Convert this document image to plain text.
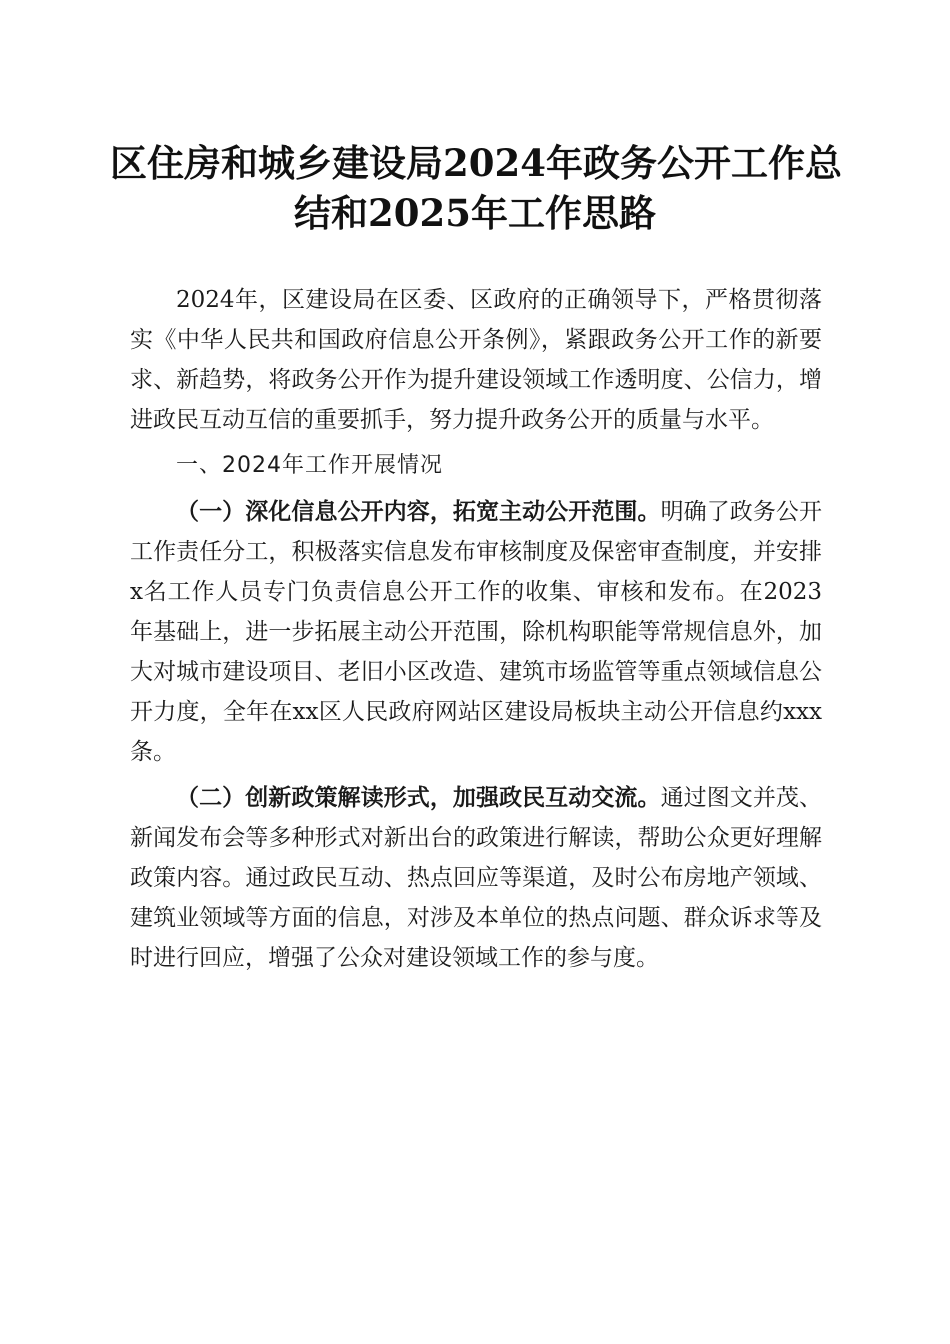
区住房和城乡建设局2024年政务公开工作总
结和2025年工作思路

2024年，区建设局在区委、区政府的正确领导下，严格贯彻落实《中华人民共和国政府信息公开条例》，紧跟政务公开工作的新要求、新趋势，将政务公开作为提升建设领域工作透明度、公信力，增进政民互动互信的重要抓手，努力提升政务公开的质量与水平。

一、2024年工作开展情况

（一）深化信息公开内容，拓宽主动公开范围。明确了政务公开工作责任分工，积极落实信息发布审核制度及保密审查制度，并安排x名工作人员专门负责信息公开工作的收集、审核和发布。在2023年基础上，进一步拓展主动公开范围，除机构职能等常规信息外，加大对城市建设项目、老旧小区改造、建筑市场监管等重点领域信息公开力度，全年在xx区人民政府网站区建设局板块主动公开信息约xxx条。

（二）创新政策解读形式，加强政民互动交流。通过图文并茂、新闻发布会等多种形式对新出台的政策进行解读，帮助公众更好理解政策内容。通过政民互动、热点回应等渠道，及时公布房地产领域、建筑业领域等方面的信息，对涉及本单位的热点问题、群众诉求等及时进行回应，增强了公众对建设领域工作的参与度。
